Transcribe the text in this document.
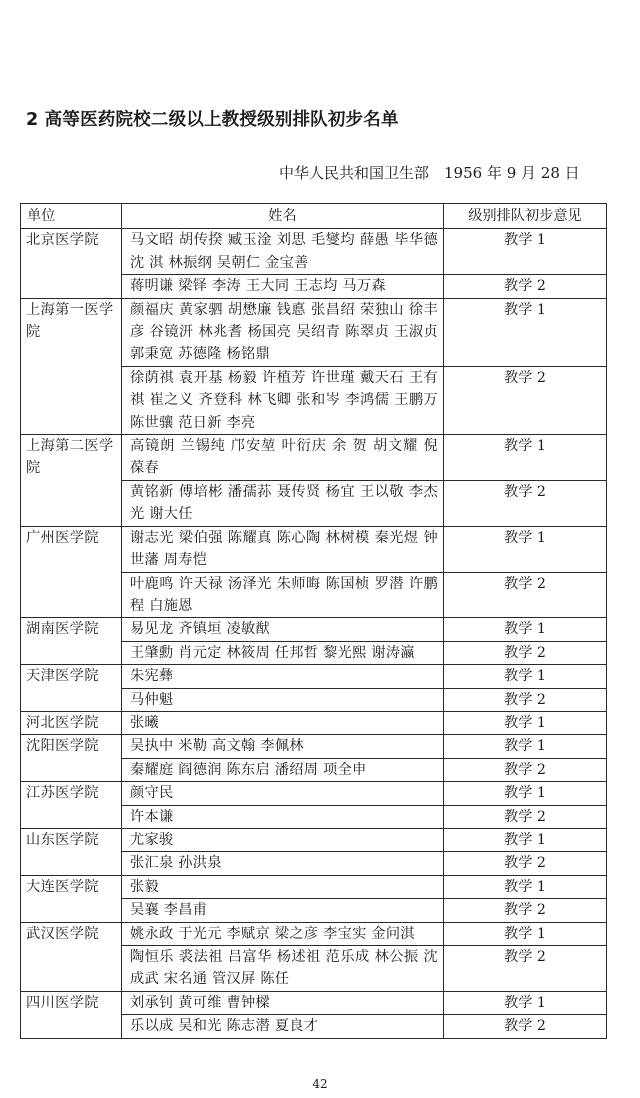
2 高等医药院校二级以上教授级别排队初步名单
中华人民共和国卫生部　1956 年 9 月 28 日
单位	姓名	级别排队初步意见
北京医学院	马文昭 胡传揆 臧玉淦 刘思 毛燮均 薛愚 毕华德 沈 淇 林振纲 吴朝仁 金宝善	教学 1
	蒋明谦 梁铎 李涛 王大同 王志均 马万森	教学 2
上海第一医学院	颜福庆 黄家驷 胡懋廉 钱悳 张昌绍 荣独山 徐丰彦 谷镜汧 林兆耆 杨国亮 吴绍青 陈翠贞 王淑贞 郭秉宽 苏德隆 杨铭鼎	教学 1
	徐荫祺 袁开基 杨毅 许植芳 许世瑾 戴天石 王有祺 崔之义 齐登科 林飞卿 张和岑 李鸿儒 王鹏万 陈世骧 范日新 李亮	教学 2
上海第二医学院	高镜朗 兰锡纯 邝安堃 叶衍庆 余 贺 胡文耀 倪葆春	教学 1
	黄铭新 傅培彬 潘孺荪 聂传贤 杨宜 王以敬 李杰光 谢大任	教学 2
广州医学院	谢志光 梁伯强 陈耀真 陈心陶 林树模 秦光煜 钟世藩 周寿恺	教学 1
	叶鹿鸣 许天禄 汤泽光 朱师晦 陈国桢 罗潜 许鹏程 白施恩	教学 2
湖南医学院	易见龙 齐镇垣 凌敏猷	教学 1
	王肇勳 肖元定 林筱周 任邦哲 黎光熙 谢涛瀛	教学 2
天津医学院	朱宪彝	教学 1
	马仲魁	教学 2
河北医学院	张曦	教学 1
沈阳医学院	吴执中 米勒 高文翰 李佩林	教学 1
	秦耀庭 阎德润 陈东启 潘绍周 项全申	教学 2
江苏医学院	颜守民	教学 1
	许本谦	教学 2
山东医学院	尤家骏	教学 1
	张汇泉 孙洪泉	教学 2
大连医学院	张毅	教学 1
	吴襄 李昌甫	教学 2
武汉医学院	姚永政 于光元 李赋京 梁之彦 李宝实 金问淇	教学 1
	陶恒乐 裘法祖 吕富华 杨述祖 范乐成 林公振 沈成武 宋名通 管汉屏 陈任	教学 2
四川医学院	刘承钊 黄可维 曹钟樑	教学 1
	乐以成 吴和光 陈志潜 夏良才	教学 2
42
